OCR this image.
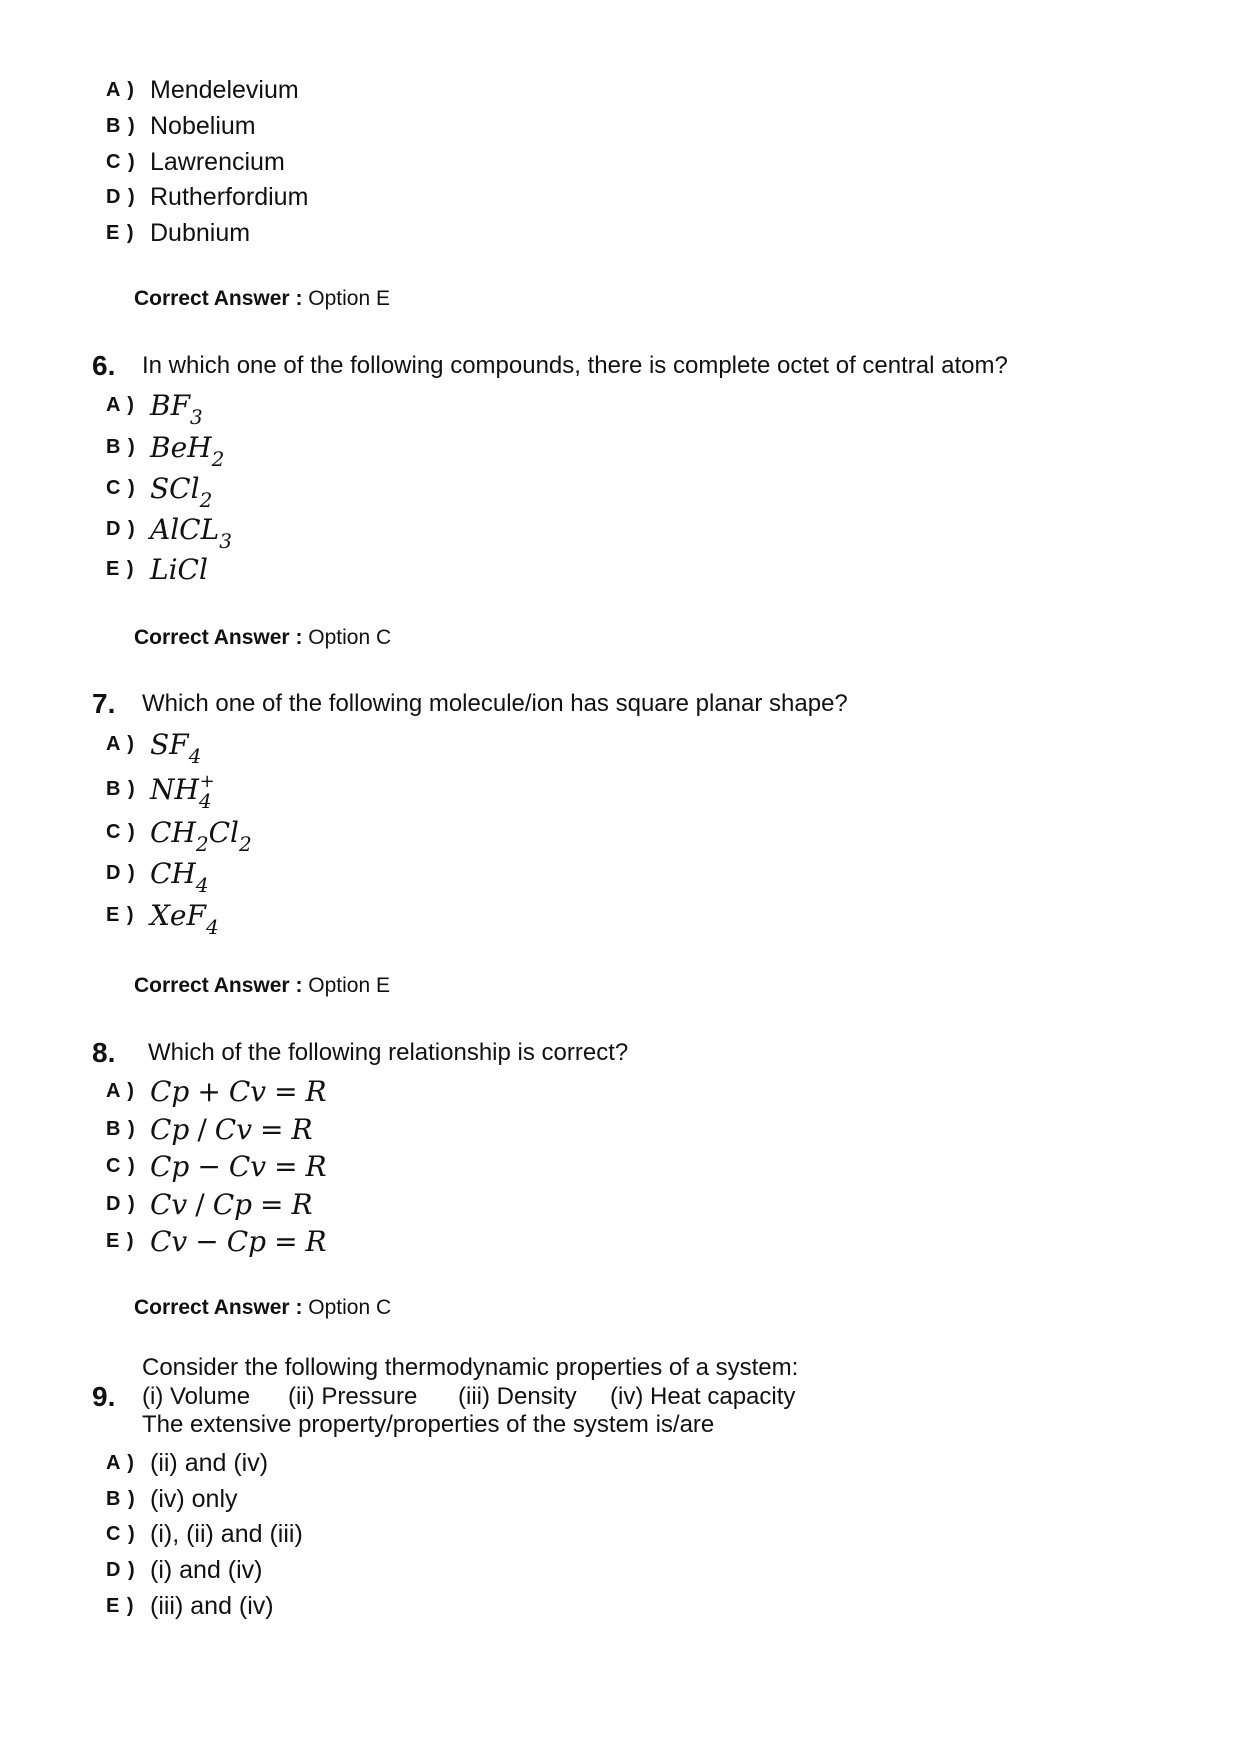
A ) Mendelevium
B ) Nobelium
C ) Lawrencium
D ) Rutherfordium
E ) Dubnium
Correct Answer : Option E
6. In which one of the following compounds, there is complete octet of central atom?
A ) $BF_3$
B ) BeH$_2$
C ) SCl$_2$
D ) AlCL$_3$
E ) LiCl
Correct Answer : Option C
7. Which one of the following molecule/ion has square planar shape?
A ) $SF_4$
B ) $NH_4^+$
C ) $CH_2Cl_2$
D ) $CH_4$
E ) XeF$_4$
Correct Answer : Option E
8. Which of the following relationship is correct?
A ) Cp + Cv = R
B ) Cp / Cv = R
C ) Cp − Cv = R
D ) Cv / Cp = R
E ) Cv − Cp = R
Correct Answer : Option C
Consider the following thermodynamic properties of a system:
9. (i) Volume (ii) Pressure (iii) Density (iv) Heat capacity
The extensive property/properties of the system is/are
A ) (ii) and (iv)
B ) (iv) only
C ) (i), (ii) and (iii)
D ) (i) and (iv)
E ) (iii) and (iv)
